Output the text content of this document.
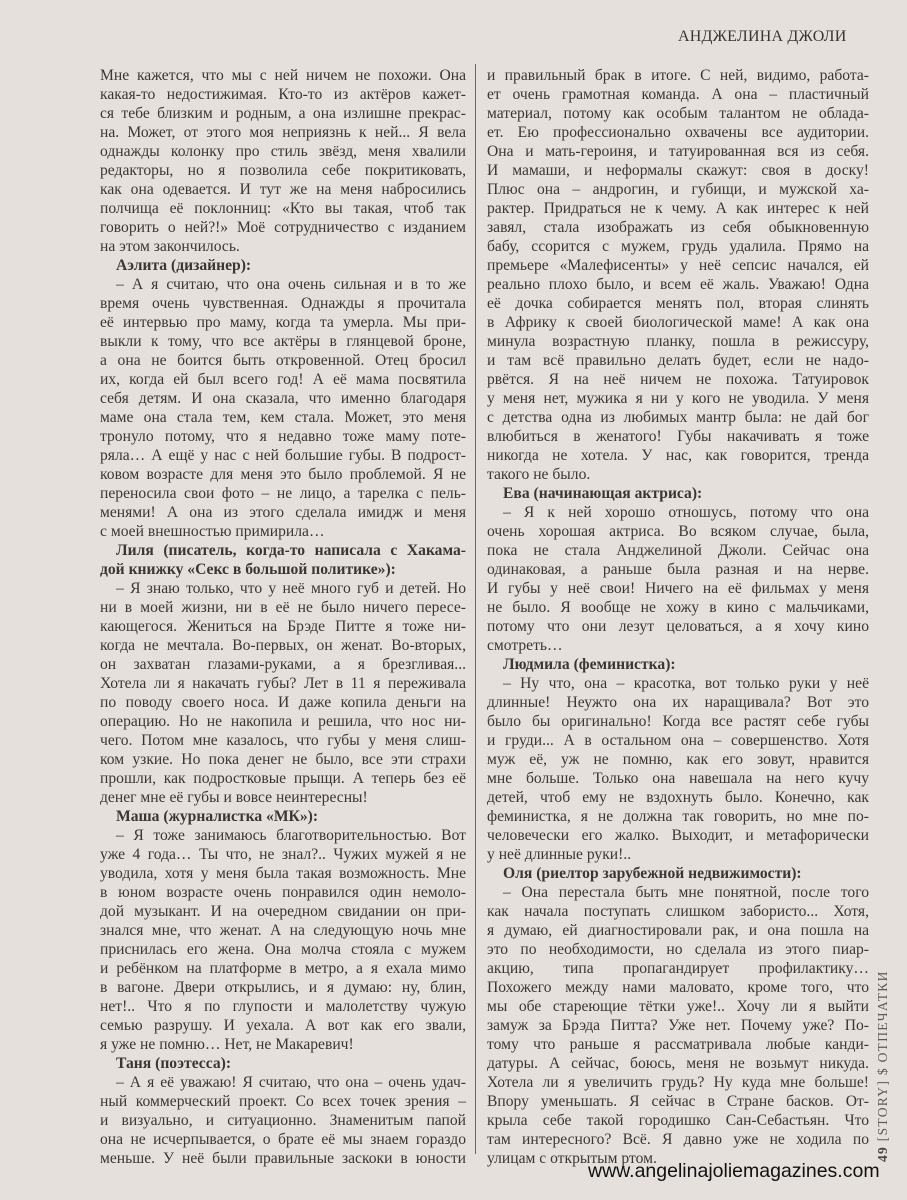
АНДЖЕЛИНА ДЖОЛИ
Мне кажется, что мы с ней ничем не похожи. Она
какая-то недостижимая. Кто-то из актёров кажет-
ся тебе близким и родным, а она излишне прекрас-
на. Может, от этого моя неприязнь к ней... Я вела
однажды колонку про стиль звёзд, меня хвалили
редакторы, но я позволила себе покритиковать,
как она одевается. И тут же на меня набросились
полчища её поклонниц: «Кто вы такая, чтоб так
говорить о ней?!» Моё сотрудничество с изданием
на этом закончилось.
Аэлита (дизайнер):
– А я считаю, что она очень сильная и в то же
время очень чувственная. Однажды я прочитала
её интервью про маму, когда та умерла. Мы при-
выкли к тому, что все актёры в глянцевой броне,
а она не боится быть откровенной. Отец бросил
их, когда ей был всего год! А её мама посвятила
себя детям. И она сказала, что именно благодаря
маме она стала тем, кем стала. Может, это меня
тронуло потому, что я недавно тоже маму поте-
ряла… А ещё у нас с ней большие губы. В подрост-
ковом возрасте для меня это было проблемой. Я не
переносила свои фото – не лицо, а тарелка с пель-
менями! А она из этого сделала имидж и меня
с моей внешностью примирила…
Лиля (писатель, когда-то написала с Хакама-
дой книжку «Секс в большой политике»):
– Я знаю только, что у неё много губ и детей. Но
ни в моей жизни, ни в её не было ничего пересе-
кающегося. Жениться на Брэде Питте я тоже ни-
когда не мечтала. Во-первых, он женат. Во-вторых,
он захватан глазами-руками, а я брезгливая...
Хотела ли я накачать губы? Лет в 11 я переживала
по поводу своего носа. И даже копила деньги на
операцию. Но не накопила и решила, что нос ни-
чего. Потом мне казалось, что губы у меня слиш-
ком узкие. Но пока денег не было, все эти страхи
прошли, как подростковые прыщи. А теперь без её
денег мне её губы и вовсе неинтересны!
Маша (журналистка «МК»):
– Я тоже занимаюсь благотворительностью. Вот
уже 4 года… Ты что, не знал?.. Чужих мужей я не
уводила, хотя у меня была такая возможность. Мне
в юном возрасте очень понравился один немоло-
дой музыкант. И на очередном свидании он при-
знался мне, что женат. А на следующую ночь мне
приснилась его жена. Она молча стояла с мужем
и ребёнком на платформе в метро, а я ехала мимо
в вагоне. Двери открылись, и я думаю: ну, блин,
нет!.. Что я по глупости и малолетству чужую
семью разрушу. И уехала. А вот как его звали,
я уже не помню… Нет, не Макаревич!
Таня (поэтесса):
– А я её уважаю! Я считаю, что она – очень удач-
ный коммерческий проект. Со всех точек зрения –
и визуально, и ситуационно. Знаменитым папой
она не исчерпывается, о брате её мы знаем гораздо
меньше. У неё были правильные заскоки в юности
и правильный брак в итоге. С ней, видимо, работа-
ет очень грамотная команда. А она – пластичный
материал, потому как особым талантом не облада-
ет. Ею профессионально охвачены все аудитории.
Она и мать-героиня, и татуированная вся из себя.
И мамаши, и неформалы скажут: своя в доску!
Плюс она – андрогин, и губищи, и мужской ха-
рактер. Придраться не к чему. А как интерес к ней
завял, стала изображать из себя обыкновенную
бабу, ссорится с мужем, грудь удалила. Прямо на
премьере «Малефисенты» у неё сепсис начался, ей
реально плохо было, и всем её жаль. Уважаю! Одна
её дочка собирается менять пол, вторая слинять
в Африку к своей биологической маме! А как она
минула возрастную планку, пошла в режиссуру,
и там всё правильно делать будет, если не надо-
рвётся. Я на неё ничем не похожа. Татуировок
у меня нет, мужика я ни у кого не уводила. У меня
с детства одна из любимых мантр была: не дай бог
влюбиться в женатого! Губы накачивать я тоже
никогда не хотела. У нас, как говорится, тренда
такого не было.
Ева (начинающая актриса):
– Я к ней хорошо отношусь, потому что она
очень хорошая актриса. Во всяком случае, была,
пока не стала Анджелиной Джоли. Сейчас она
одинаковая, а раньше была разная и на нерве.
И губы у неё свои! Ничего на её фильмах у меня
не было. Я вообще не хожу в кино с мальчиками,
потому что они лезут целоваться, а я хочу кино
смотреть…
Людмила (феминистка):
– Ну что, она – красотка, вот только руки у неё
длинные! Неужто она их наращивала? Вот это
было бы оригинально! Когда все растят себе губы
и груди... А в остальном она – совершенство. Хотя
муж её, уж не помню, как его зовут, нравится
мне больше. Только она навешала на него кучу
детей, чтоб ему не вздохнуть было. Конечно, как
феминистка, я не должна так говорить, но мне по-
человечески его жалко. Выходит, и метафорически
у неё длинные руки!..
Оля (риелтор зарубежной недвижимости):
– Она перестала быть мне понятной, после того
как начала поступать слишком забористо... Хотя,
я думаю, ей диагностировали рак, и она пошла на
это по необходимости, но сделала из этого пиар-
акцию, типа пропагандирует профилактику…
Похожего между нами маловато, кроме того, что
мы обе стареющие тётки уже!.. Хочу ли я выйти
замуж за Брэда Питта? Уже нет. Почему уже? По-
тому что раньше я рассматривала любые канди-
датуры. А сейчас, боюсь, меня не возьмут никуда.
Хотела ли я увеличить грудь? Ну куда мне больше!
Впору уменьшать. Я сейчас в Стране басков. От-
крыла себе такой городишко Сан-Себастьян. Что
там интересного? Всё. Я давно уже не ходила по
улицам с открытым ртом.	49 [STORY] $ ОТПЕЧАТКИ
www.angelinajoliemagazines.com
